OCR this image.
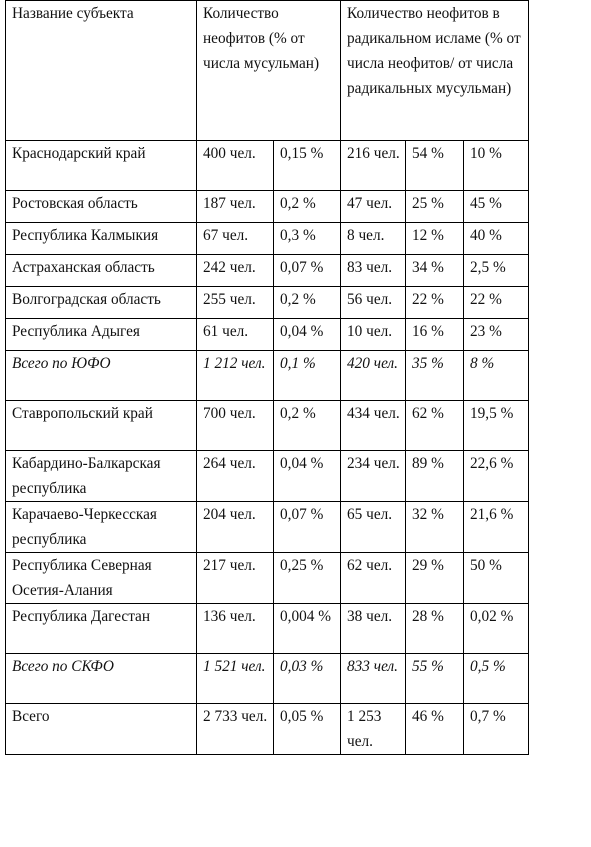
Название субъекта	Количество неофитов (% от числа мусульман)		Количество неофитов в радикальном исламе (% от числа неофитов/ от числа радикальных мусульман)		
Краснодарский край	400 чел.	0,15 %	216 чел.	54 %	10 %
Ростовская область	187 чел.	0,2 %	47 чел.	25 %	45 %
Республика Калмыкия	67 чел.	0,3 %	8 чел.	12 %	40 %
Астраханская область	242 чел.	0,07 %	83 чел.	34 %	2,5 %
Волгоградская область	255 чел.	0,2 %	56 чел.	22 %	22 %
Республика Адыгея	61 чел.	0,04 %	10 чел.	16 %	23 %
Всего по ЮФО	1 212 чел.	0,1 %	420 чел.	35 %	8 %
Ставропольский край	700 чел.	0,2 %	434 чел.	62 %	19,5 %
Кабардино-Балкарская республика	264 чел.	0,04 %	234 чел.	89 %	22,6 %
Карачаево-Черкесская республика	204 чел.	0,07 %	65 чел.	32 %	21,6 %
Республика Северная Осетия-Алания	217 чел.	0,25 %	62 чел.	29 %	50 %
Республика Дагестан	136 чел.	0,004 %	38 чел.	28 %	0,02 %
Всего по СКФО	1 521 чел.	0,03 %	833 чел.	55 %	0,5 %
Всего	2 733 чел.	0,05 %	1 253 чел.	46 %	0,7 %
